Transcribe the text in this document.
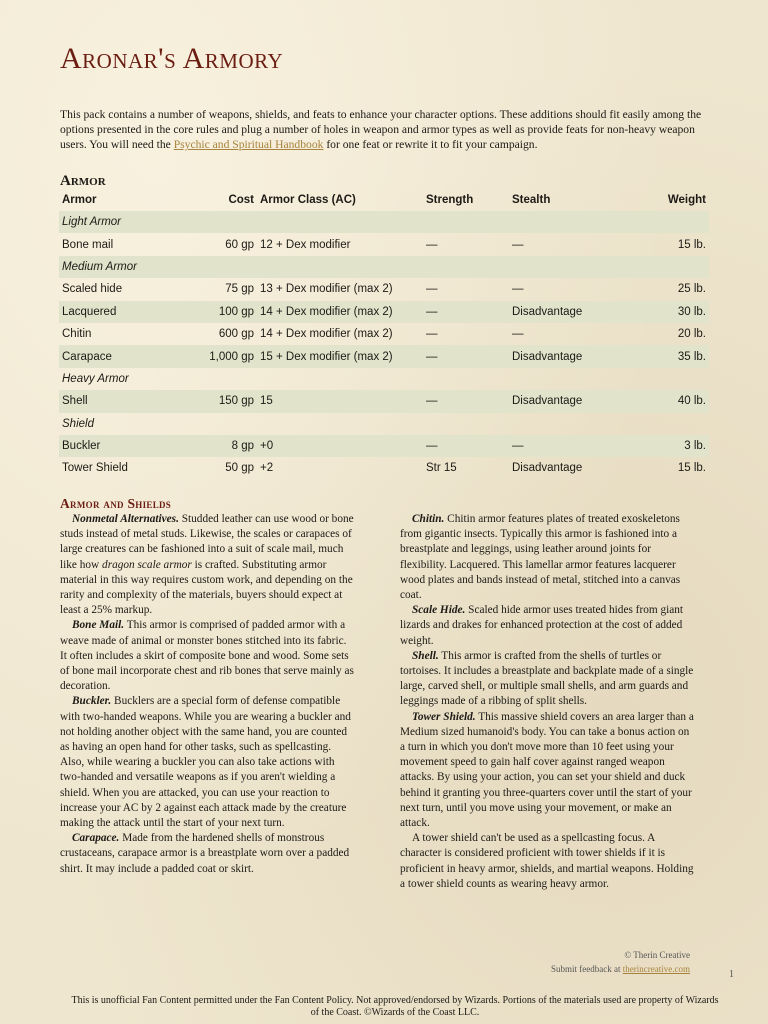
Aronar's Armory

This pack contains a number of weapons, shields, and feats to enhance your character options. These additions should fit easily among the options presented in the core rules and plug a number of holes in weapon and armor types as well as provide feats for non-heavy weapon users. You will need the Psychic and Spiritual Handbook for one feat or rewrite it to fit your campaign.

Armor
Armor	Cost	Armor Class (AC)	Strength	Stealth	Weight
Light Armor					
Bone mail	60 gp	12 + Dex modifier	—	—	15 lb.
Medium Armor					
Scaled hide	75 gp	13 + Dex modifier (max 2)	—	—	25 lb.
Lacquered	100 gp	14 + Dex modifier (max 2)	—	Disadvantage	30 lb.
Chitin	600 gp	14 + Dex modifier (max 2)	—	—	20 lb.
Carapace	1,000 gp	15 + Dex modifier (max 2)	—	Disadvantage	35 lb.
Heavy Armor					
Shell	150 gp	15	—	Disadvantage	40 lb.
Shield					
Buckler	8 gp	+0	—	—	3 lb.
Tower Shield	50 gp	+2	Str 15	Disadvantage	15 lb.
Armor and Shields

Nonmetal Alternatives. Studded leather can use wood or bone studs instead of metal studs. Likewise, the scales or carapaces of large creatures can be fashioned into a suit of scale mail, much like how dragon scale armor is crafted. Substituting armor material in this way requires custom work, and depending on the rarity and complexity of the materials, buyers should expect at least a 25% markup.

Bone Mail. This armor is comprised of padded armor with a weave made of animal or monster bones stitched into its fabric. It often includes a skirt of composite bone and wood. Some sets of bone mail incorporate chest and rib bones that serve mainly as decoration.

Buckler. Bucklers are a special form of defense compatible with two-handed weapons. While you are wearing a buckler and not holding another object with the same hand, you are counted as having an open hand for other tasks, such as spellcasting. Also, while wearing a buckler you can also take actions with two-handed and versatile weapons as if you aren't wielding a shield. When you are attacked, you can use your reaction to increase your AC by 2 against each attack made by the creature making the attack until the start of your next turn.

Carapace. Made from the hardened shells of monstrous crustaceans, carapace armor is a breastplate worn over a padded shirt. It may include a padded coat or skirt.

Chitin. Chitin armor features plates of treated exoskeletons from gigantic insects. Typically this armor is fashioned into a breastplate and leggings, using leather around joints for flexibility. Lacquered. This lamellar armor features lacquerer wood plates and bands instead of metal, stitched into a canvas coat.

Scale Hide. Scaled hide armor uses treated hides from giant lizards and drakes for enhanced protection at the cost of added weight.

Shell. This armor is crafted from the shells of turtles or tortoises. It includes a breastplate and backplate made of a single large, carved shell, or multiple small shells, and arm guards and leggings made of a ribbing of split shells.

Tower Shield. This massive shield covers an area larger than a Medium sized humanoid's body. You can take a bonus action on a turn in which you don't move more than 10 feet using your movement speed to gain half cover against ranged weapon attacks. By using your action, you can set your shield and duck behind it granting you three-quarters cover until the start of your next turn, until you move using your movement, or make an attack.

A tower shield can't be used as a spellcasting focus. A character is considered proficient with tower shields if it is proficient in heavy armor, shields, and martial weapons. Holding a tower shield counts as wearing heavy armor.

© Therin Creative
Submit feedback at therincreative.com	1
This is unofficial Fan Content permitted under the Fan Content Policy. Not approved/endorsed by Wizards. Portions of the materials used are property of Wizards of the Coast. ©Wizards of the Coast LLC.
